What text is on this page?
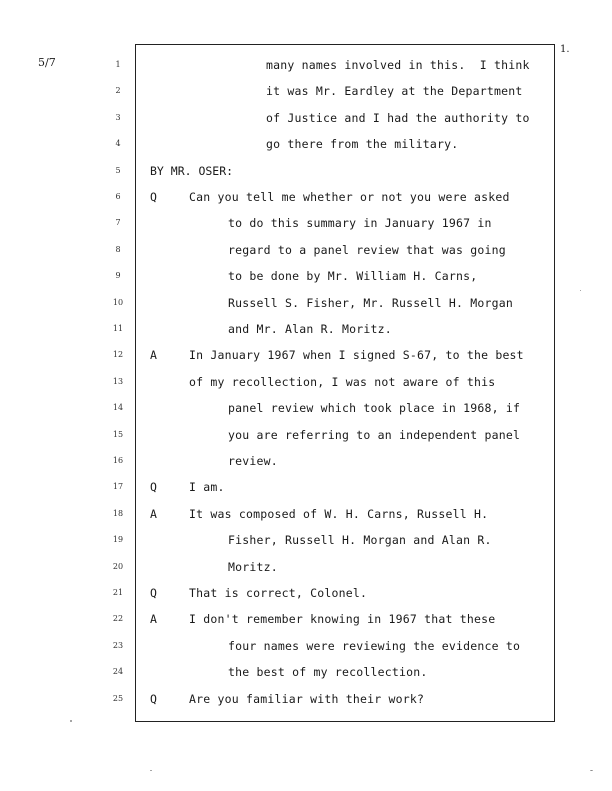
5/7
1.
1	many names involved in this.  I think
2	it was Mr. Eardley at the Department
3	of Justice and I had the authority to
4	go there from the military.
5	BY MR. OSER:
6	Q	Can you tell me whether or not you were asked
7	to do this summary in January 1967 in
8	regard to a panel review that was going
9	to be done by Mr. William H. Carns,
10	Russell S. Fisher, Mr. Russell H. Morgan
11	and Mr. Alan R. Moritz.
12 A	In January 1967 when I signed S-67, to the best
13	of my recollection, I was not aware of this
14	panel review which took place in 1968, if
15	you are referring to an independent panel
16	review.
17 Q	I am.
18 A	It was composed of W. H. Carns, Russell H.
19	Fisher, Russell H. Morgan and Alan R.
20	Moritz.
21 Q	That is correct, Colonel.
22 A	I don't remember knowing in 1967 that these
23	four names were reviewing the evidence to
24	the best of my recollection.
25 Q	Are you familiar with their work?
